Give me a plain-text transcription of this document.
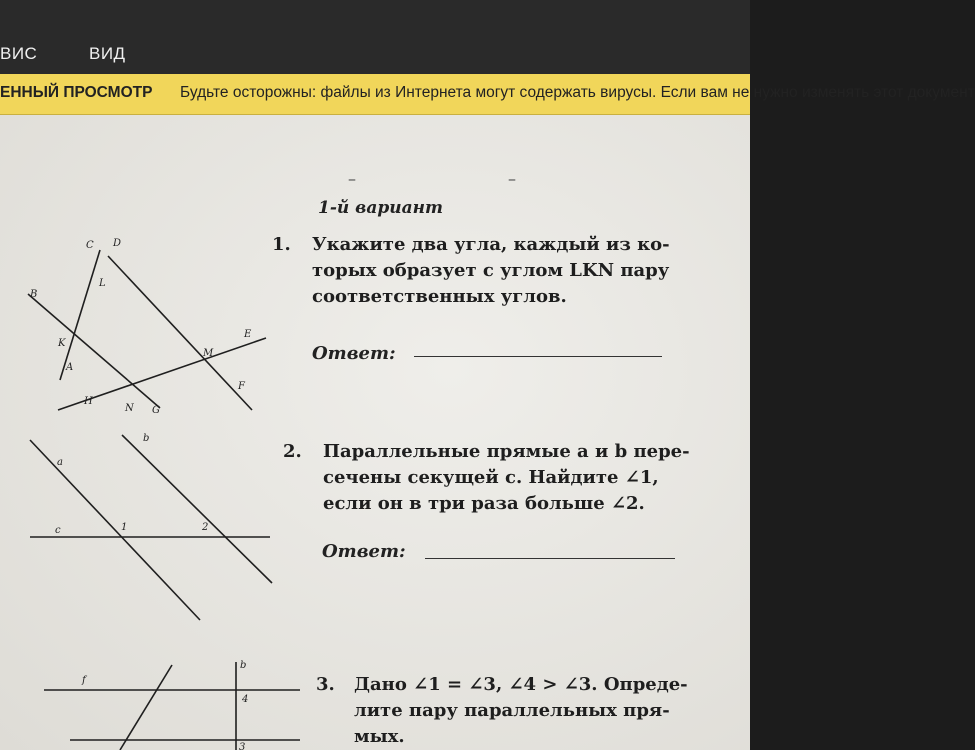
ВИС	ВИД
ЕННЫЙ ПРОСМОТР Будьте осторожны: файлы из Интернета могут содержать вирусы. Если вам не нужно изменять этот документ
–	–
1-й вариант
1. Укажите два угла, каждый из ко-
торых образует с углом LKN пару
соответственных углов.
Ответ:
2. Параллельные прямые a и b пере-
сечены секущей c. Найдите ∠1,
если он в три раза больше ∠2.
Ответ:
3. Дано ∠1 = ∠3, ∠4 > ∠3. Опреде-
лите пару параллельных пря-
мых.
C D
L
B
K
A
E
M
F
H
N G
a
b
c	1	2
f
b
4
3
